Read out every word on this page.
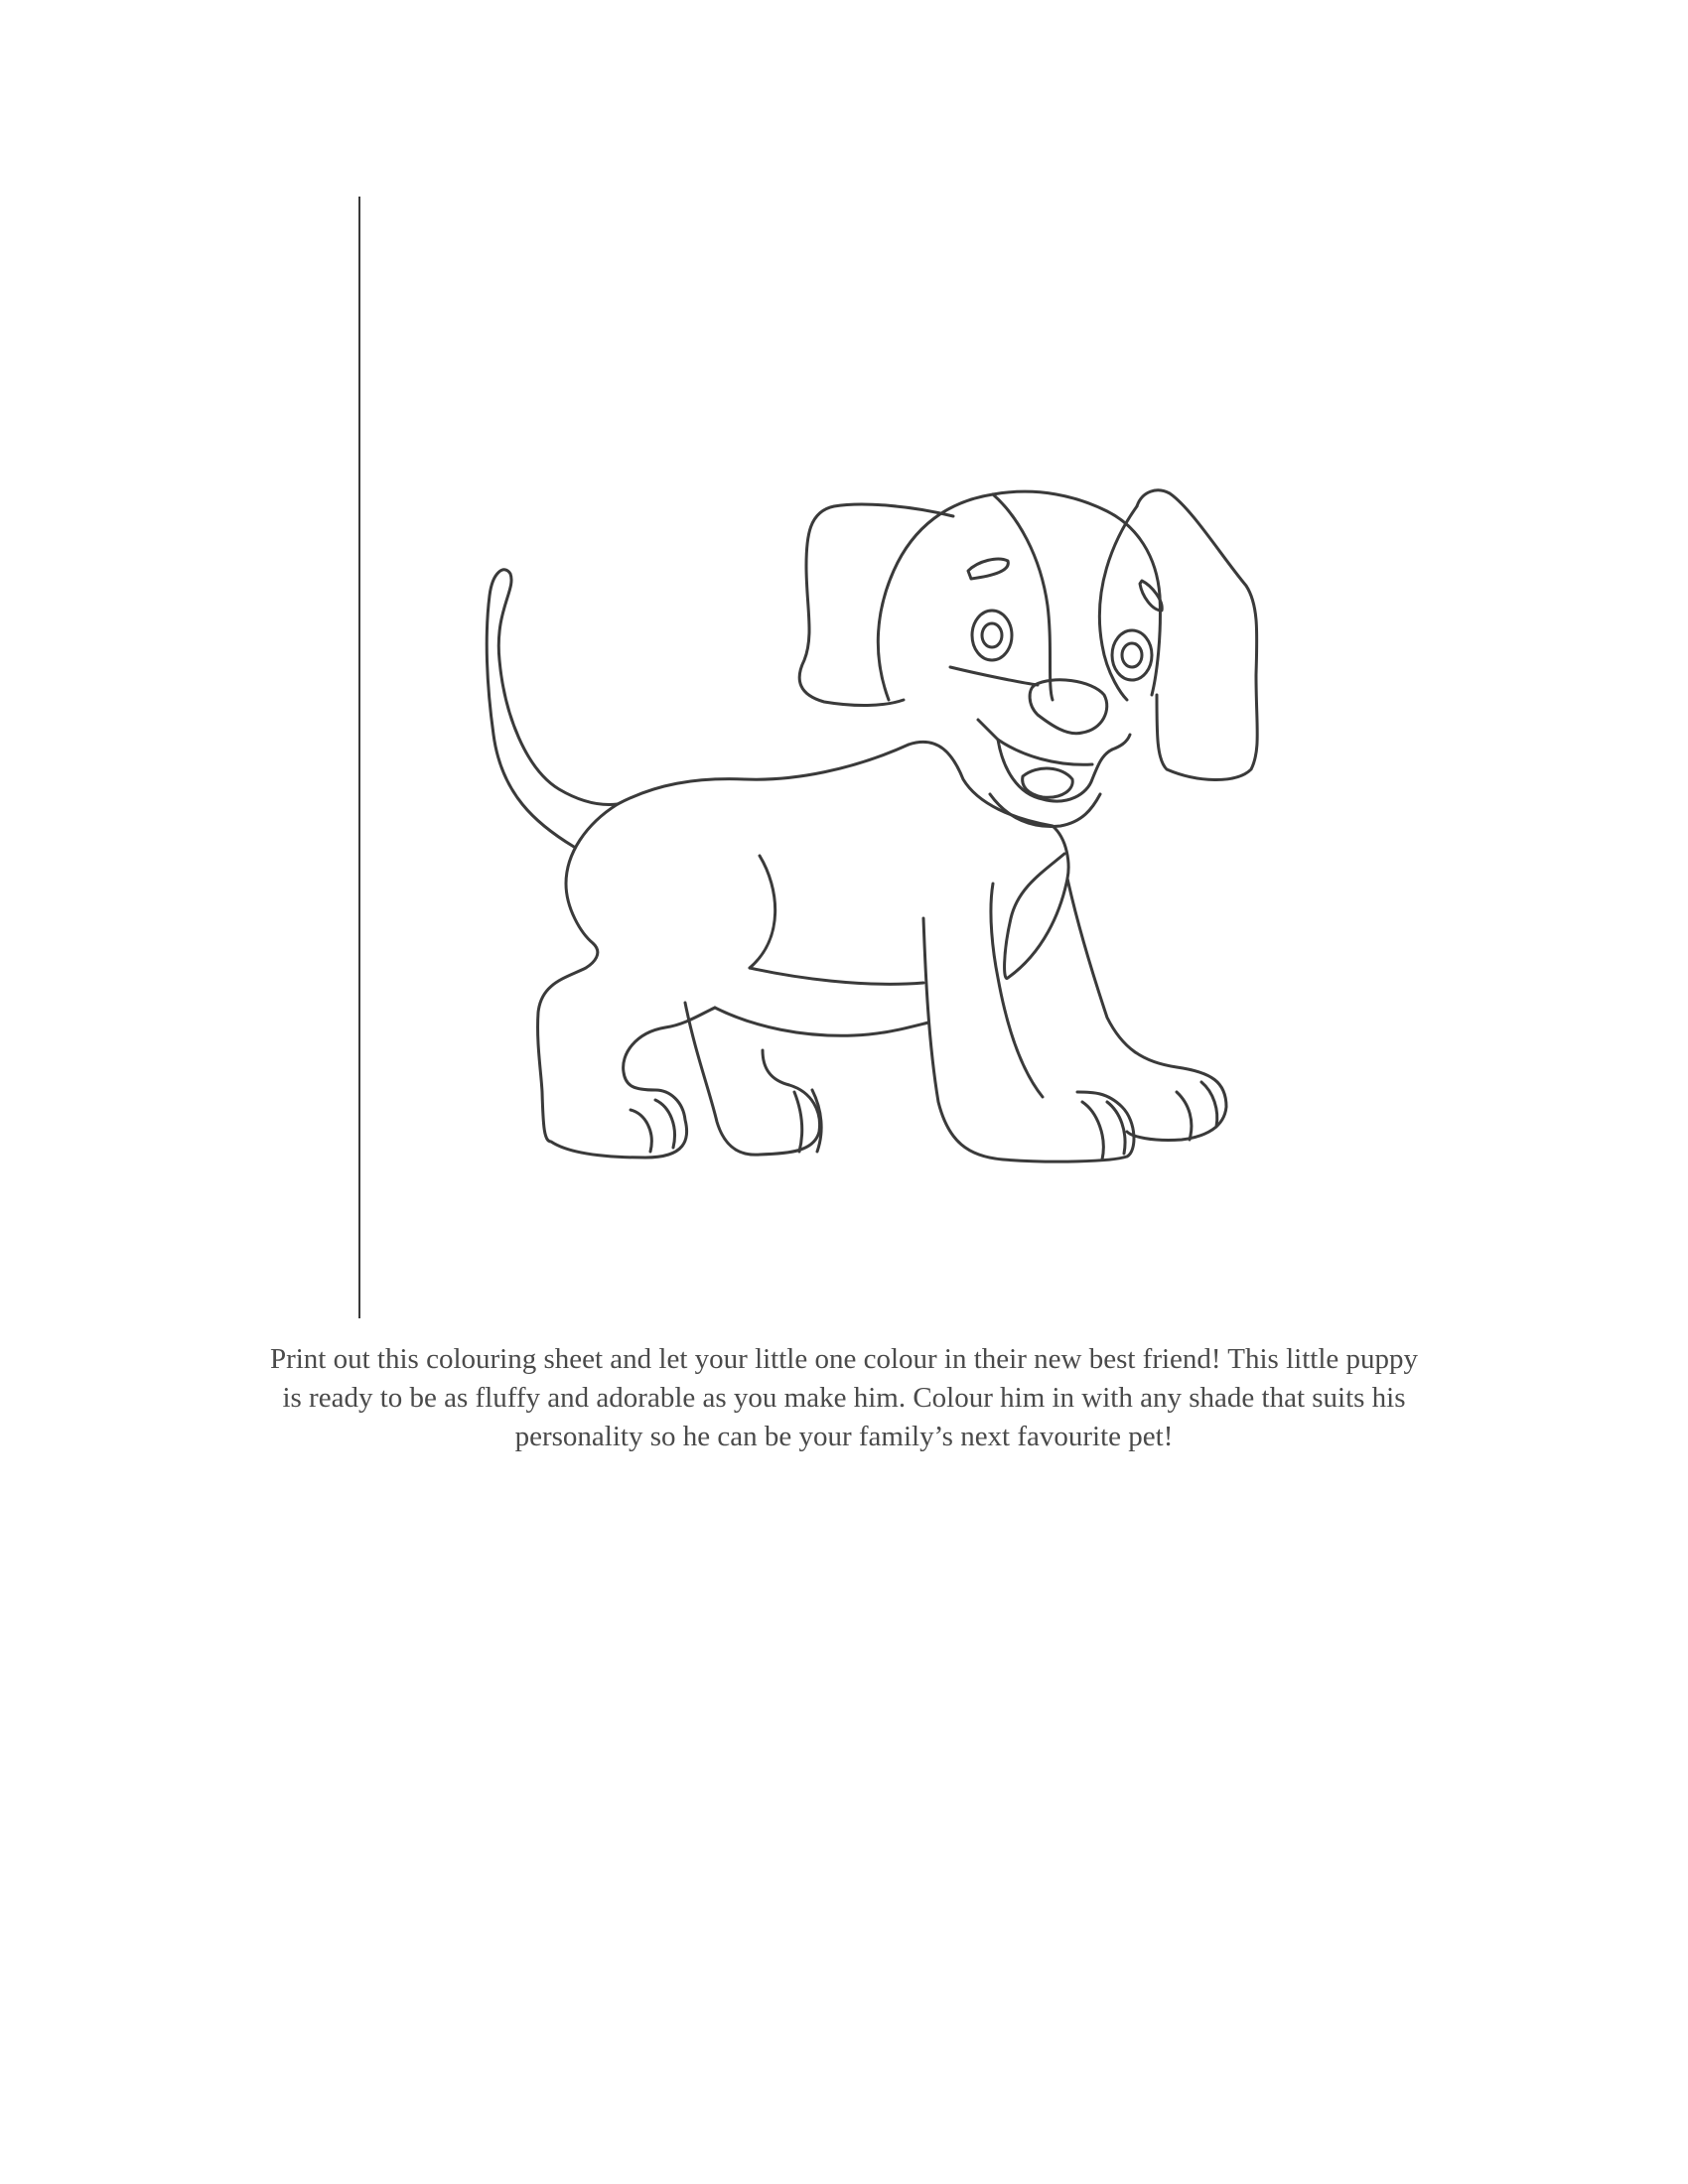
Print out this colouring sheet and let your little one colour in their new best friend! This little puppy
is ready to be as fluffy and adorable as you make him. Colour him in with any shade that suits his
personality so he can be your family’s next favourite pet!
